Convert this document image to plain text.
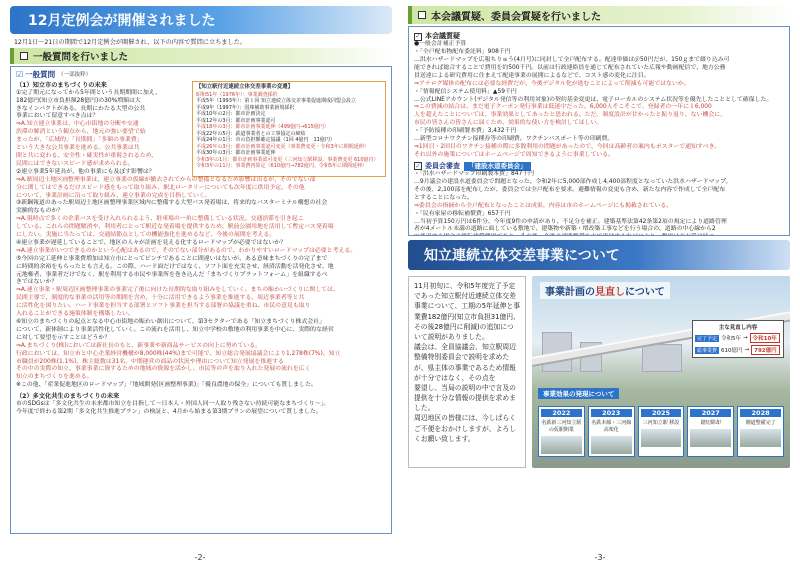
12月定例会が開催されました
12月1日～21日の期間で12月定例会が開催され、以下の内容で質問に立ちました。
一般質問を行いました
☑ 一般質問 （一部抜粋）
（1）知立市のまちづくりの未来
①完了期元になってから5年間という長期期間に加え、
182億円(知立市負担額28億円)の30%増額は大
きなインパクトがある。長期にわたる大型の公共
事業において留意すべき点は？
⇒A.知立連立事業は、中心市街地の分断や交通
渋滞の解消という観点から、地元の強い要望で始
まったが、「広域的」「長期間」「多額の事業費」
という大きな公共事業を進める。公共事業は共
間と共に変わる、安全性・確実性が重視されるため、
民間にはできないスピード感が求められる。
②連立事業5年延長が、他の事業にも及ぼす影響は？
【知立駅付近連続立体交差事業の変遷】
昭和51年（1976年）：事業調査採択
平成5年（1993年）：第１回 知立連続立体交差事業促進期成同盟会設立
平成9年（1997年）：国庫補助事業新規採択
平成10年の2月：都市計画決定
平成12年の3月：都市計画事業認可
平成18年の3月：都市計画事業延伸（499億円→615億円）
平成22年の5月：鉄道事業者との工事協定の締結
平成24年の1月：市の負担額確定協議（1回 4億円　11億円）
平成26年の3月：都市計画事業認可変更（事業費変更・令和3年に期間延伸）
平成30年の3月：都市計画事業延伸
令和3年の1月：都市計画事業認可変更（三河知立駅移設、事業費変更 610億円）
令和3年の11月：事業費再算定（610億円→782億円、令和5年に期間延伸）
⇒A.駅周辺土地区画整理事業は、連立事業の仮線が撤去されてからの整備となるため影響は出るが、そのでない部
分に関してはできるだけスピード感をもって取り組み、駅北ロータリーについても次年度に供用予定。その他
について、事業計画に沿って取り組み、連立事業の完成を目指していく。
③新鋼報道のあった駅周辺土地区画整理事業区域内に整備する大型バス発着場は、将来的なバスターミナル構想の社会
実験的なものか？
⇒A.現時点で多くの企業バスを受け入れられるよう、駐車場の一角に整備している状況。交通渋滞を引き起こ
している、これらの問題解消や、利用者にとって駅近な発着場を提供するため、駅前公園用地を活用して暫定バス発着場
にしたい。実施に当たっては、交通結節点としての機能強化を進めるなど、今後の展開を考える。
④連立事業が遅延していることで、地区の人々が計画を見える化するロードマップが必要ではないか？
⇒A.連立事業がいつできるのかという心配はあるので、そのでない部分があるので、わかりやすいロードマップは必要と考える。
⑤今回の完工延伸と事業費増加は知立市にとってピンチであることに間違いはないが、ある意味まちづくりの完了まで
に時間的余裕をもらったとも言える。この際、ハード面だけではなく、ソフト面を充実させ、経済活動を活発化させ、地
元地権者、事業者だけでなく、駅を利用する市民や事業所を巻き込んだ「まちづくりプラットフォーム」を組織するべ
きではないか？
⇒A.連立事業・駅周辺区画整理事業の事業完了後に向けた長期的な取り組みをしていく。まちの賑わいづくりに関しては、
民間主導で、制度的な事業の活用等の期間を含め、十分に活用できるよう事業を推進する。周辺事業者等と共
に活性化を図りたい。ハード事業を担当する部署とソフト事業を担当する部署の協議を重ね、市民の意見も取り
入れることができる施策体制を構築したい。
⑥知立のまちづくりの起点となる中心市街地の賑わい創出について、第3セクターである「知立まちづくり株式会社」
について、新体制により事業活性化していく。この流れを活用し、知立中学校の敷地の利用事業を中心に、実際的な経営
に対して要望を示すことはどうか？
⇒A.まちづくり(株)においては新社長のもと、新事業や新商品サービスの向上に努めている。
行政においては、知立市と中心企業経営機構が8,000株(44%)まで可能で、知立総合発展協議会により1,278株(7%)、知立
市職員が200株(1.1%)、株主総数は31名、中期運営の商品の状況や理由について知立発展を推進する
その中の実際の知立、事業事業に資するための地域の資源を活かし、市民等の声を取り入れた発展の流れを広く
知立のまちづくりを進める。
※この他、「産業促進地区のロードマップ」「地域開発(区画整理事業)」「優良農地の保全」についても質しました。
（2）多文化共生のまちづくりの未来
市のSDGsは「多文化共生の未来都市知立を目指して～日本人・外国人同一人取り残さない持続可能なまちづくり～」。
今年度で終わる第2期「多文化共生推進プラン」の検証と、4月から始まる第3期プランの展望について質しました。
-2-
本会議質疑、委員会質疑を行いました
✓ 本会議質疑
●一般会計補正予算
・「全戸配布物配布委託料」908千円
…洪水ハザードマップを広報ちりゅう(4月号)に同封して全戸配布する。配達単価は＠50円だが、150ｇまで綴り込み可
能できれば総合することで費用を約500千円。以前は行政連絡員を通じて配布されていた広報や動画配信で、地方公務
員送達による研究費用に住まえて配達事業の展開によるなどで、コスト感の変化に注目。
⇒アナログ媒体の配布には必要な経費だが、今後デジタル化が進むことによって削減も可能ではないか。
・「情報配信システム使用料」▲59千円
…公式LINEアカウント(デジタル発信等の利用対象)の契約基金変更は、電子ローカルのシステム状況等を優先したこととして確保した。
⇒この費減の結合は、まだ電子クーポン発行事業は低迷中だった。6,000人そこそこで、登録者の一年に１6,000
人を超えたことについては、事業効果としてあったと思われる。ただ、制度設計が甘かったと振り返り、ない機会に、
市民の皆さんの皆さんに届くため、効果的な使い方を検討してほしい。
・「予防接種の印刷製本費」3,432千円
…新型コロナワクチン接種券等の印刷費。ワクチンパスポート等の印刷費。
⇒1回目・2回目のワクチン接種の際に多数利用の問題があったので、今回は高齢者の案内もポスターで通知すべき。
それ以外の施策についてはホームページで周知できるように事業している。
✓ 委員会審査	「建設水道委員会」
・「洪水ハザードマップ印刷製本費」847千円
…9月議会の建設水道委員会で問題となった、令和2年に5,000部作成し4,400部程度となっていた洪水ハザードマップ。
その後、2,100部を配布したが、委員会では全戸配布を要求。避難情報の変更も含め、新たな内容で作成して全戸配布
とすることになった。
⇒委員会の指摘から全戸配布となったことは成果。内容は市のホームページにも掲載されている。
・「民有家屋の移転補償費」657千円
…当初予算150万円は6件分、今年度9件の申請があり、不足分を補正。建築基準法第42条第2項の規定により道路管理
者が4メートル未満の道路に面している敷地で、建築物や新築・増改築工事などを行う場合の、道路の中心線から2
知立連続立体交差事業について
11月初旬に、令和5年度完了予定であった知立駅付近連続立体交差事業について、工期の5年延伸と事業費182億円(知立市負担31億円、その後28億円に削減)の追加について説明がありました。
議会は、全員協議会、知立駅周辺整備特別委員会で説明を求めたが、県主体の事業であるため情報が十分ではなく、その点を
要望し、当局の説明の中で言及の提供を十分な情報の提供を求めました。
周辺地区の皆様には、今しばらくご不便をおかけしますが、よろしくお願い致します。
事業計画の見直しについて
主な見直し内容
完了予定 令和5年 → 令和10年
総事業費 610億円 → 792億円
事業効果の発現について
2022
名鉄新三河知立駅の仮駅開業
2023
名鉄本線・三河線 高架化
2025
三河知立駅 移設
2027
踏切除却
2028
側道整備完了
-3-
